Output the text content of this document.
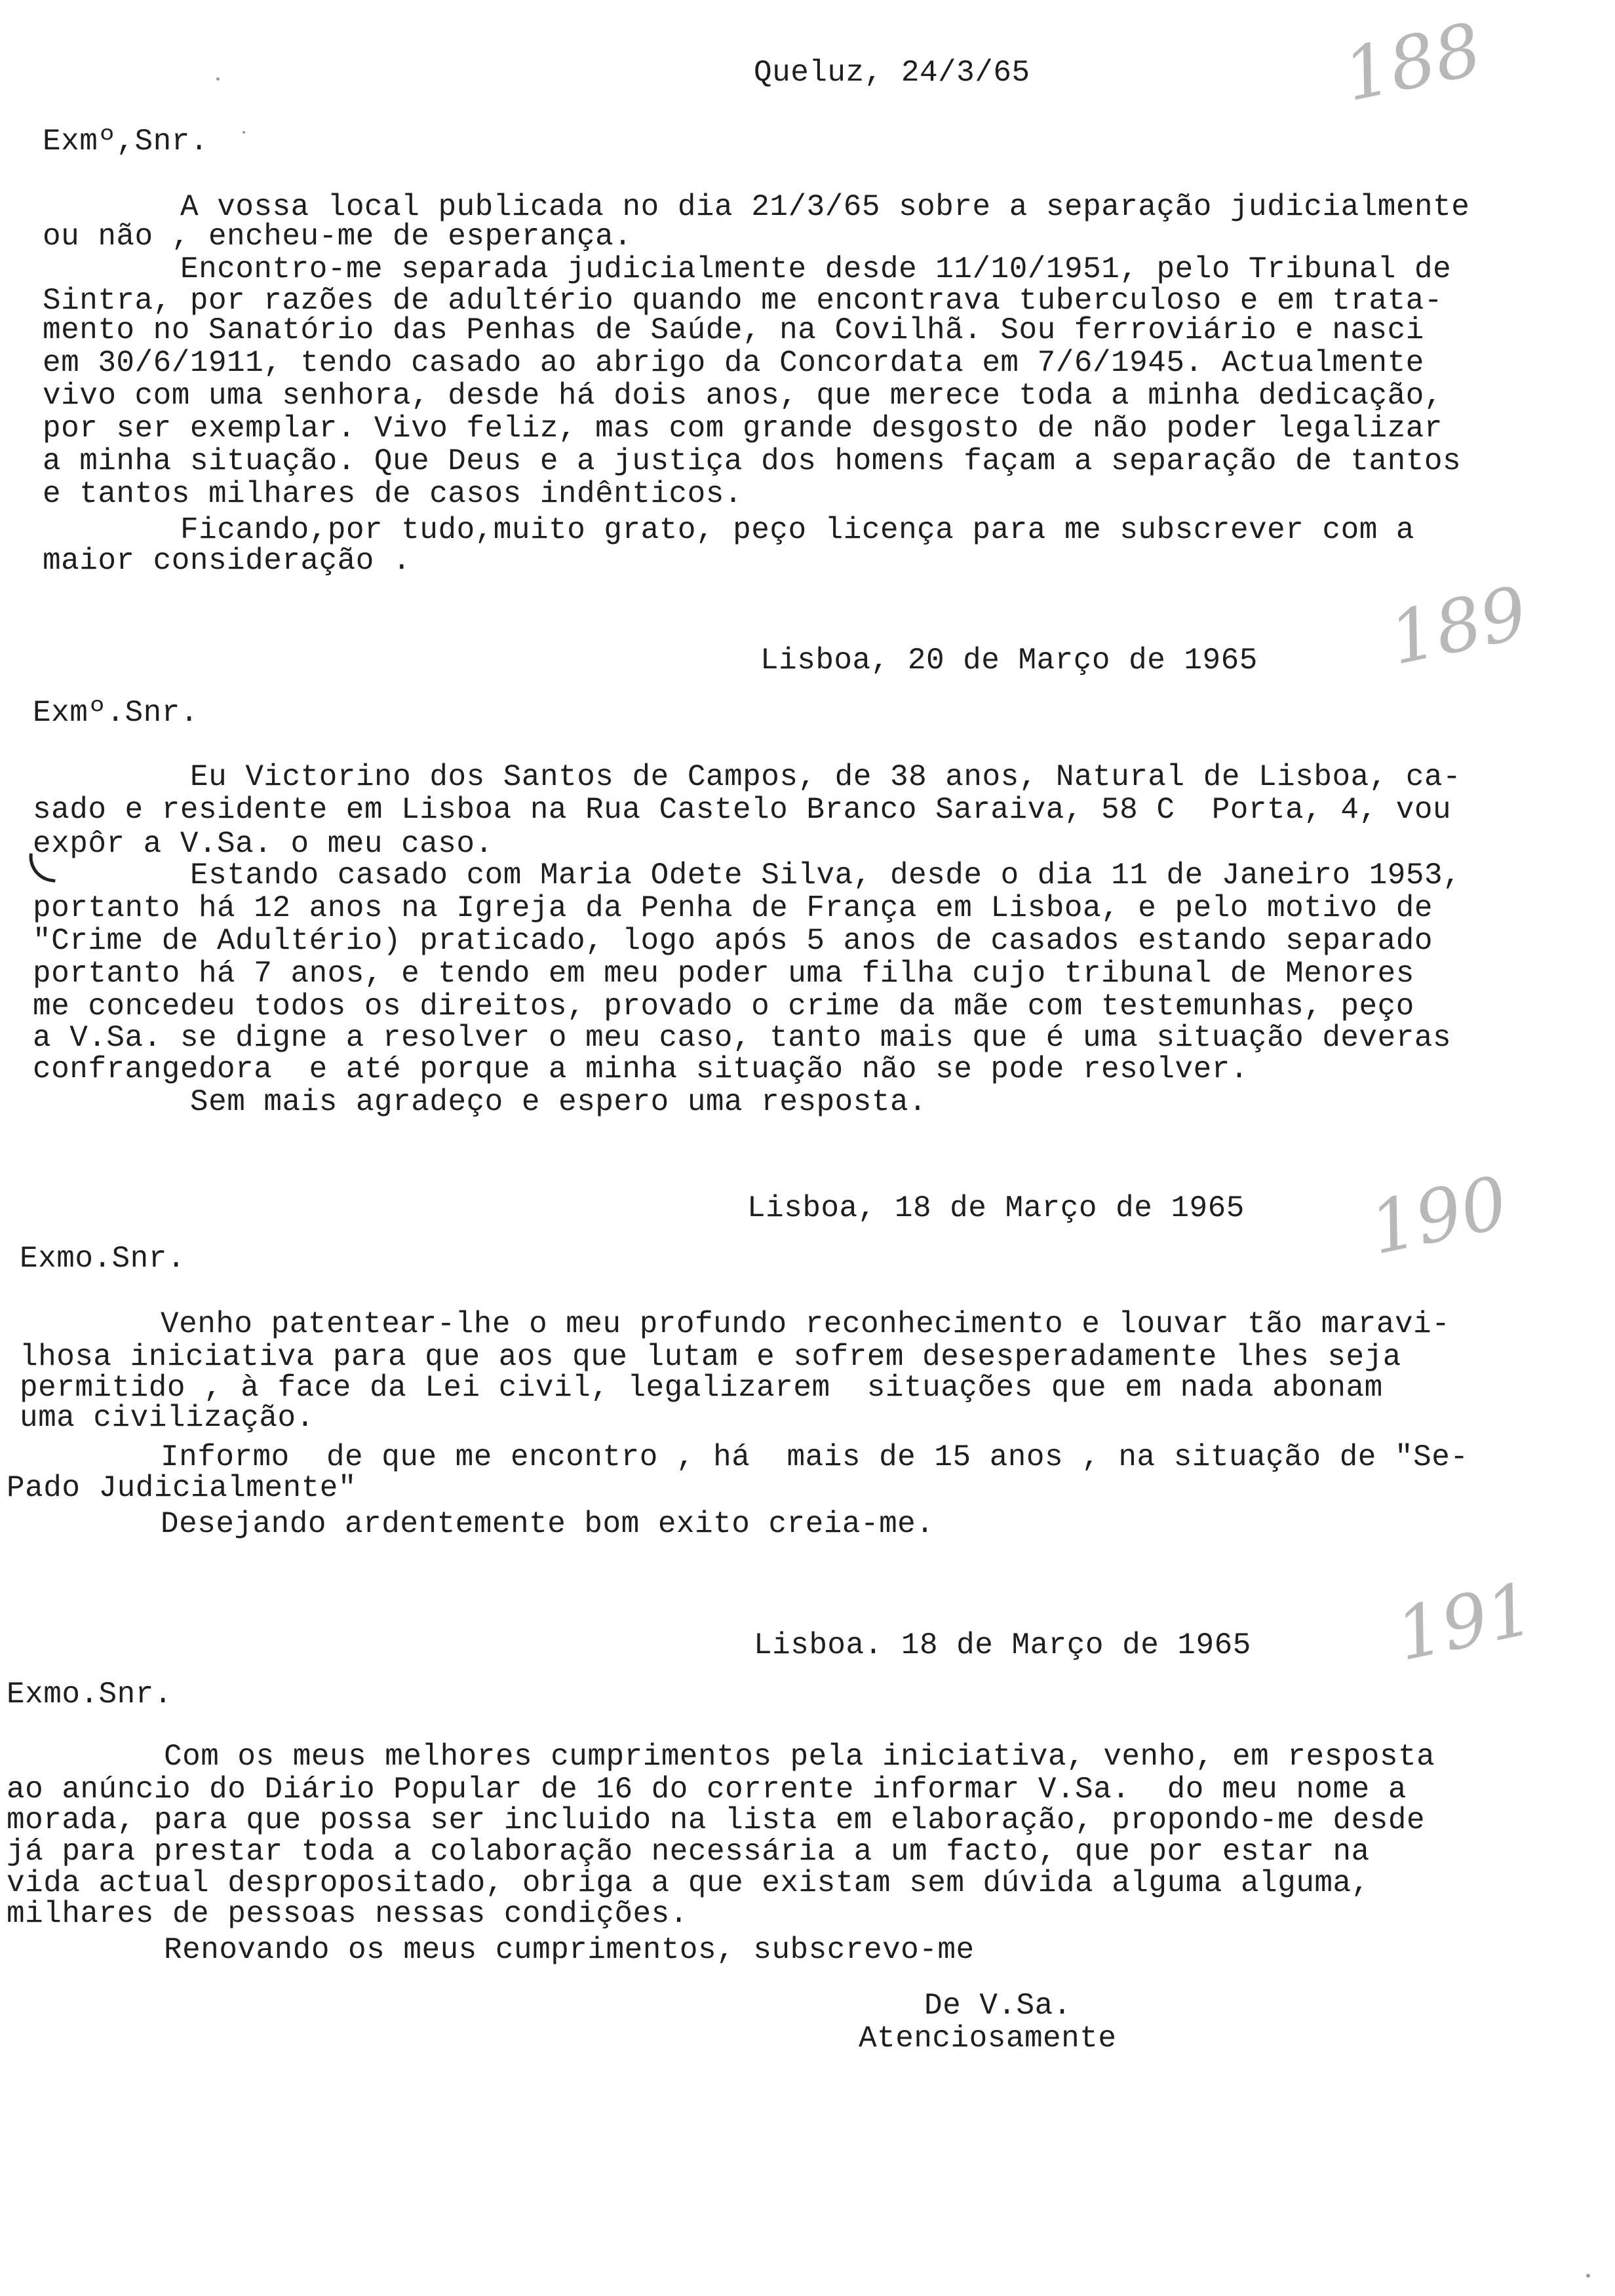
188
Queluz, 24/3/65
Exmº,Snr.
A vossa local publicada no dia 21/3/65 sobre a separação judicialmente
ou não , encheu-me de esperança.
Encontro-me separada judicialmente desde 11/10/1951, pelo Tribunal de
Sintra, por razões de adultério quando me encontrava tuberculoso e em trata-
mento no Sanatório das Penhas de Saúde, na Covilhã. Sou ferroviário e nasci
em 30/6/1911, tendo casado ao abrigo da Concordata em 7/6/1945. Actualmente
vivo com uma senhora, desde há dois anos, que merece toda a minha dedicação,
por ser exemplar. Vivo feliz, mas com grande desgosto de não poder legalizar
a minha situação. Que Deus e a justiça dos homens façam a separação de tantos
e tantos milhares de casos indênticos.
Ficando,por tudo,muito grato, peço licença para me subscrever com a
maior consideração .
189
Lisboa, 20 de Março de 1965
Exmº.Snr.
Eu Victorino dos Santos de Campos, de 38 anos, Natural de Lisboa, ca-
sado e residente em Lisboa na Rua Castelo Branco Saraiva, 58 C  Porta, 4, vou
expôr a V.Sa. o meu caso.
Estando casado com Maria Odete Silva, desde o dia 11 de Janeiro 1953,
portanto há 12 anos na Igreja da Penha de França em Lisboa, e pelo motivo de
"Crime de Adultério) praticado, logo após 5 anos de casados estando separado
portanto há 7 anos, e tendo em meu poder uma filha cujo tribunal de Menores
me concedeu todos os direitos, provado o crime da mãe com testemunhas, peço
a V.Sa. se digne a resolver o meu caso, tanto mais que é uma situação deveras
confrangedora  e até porque a minha situação não se pode resolver.
Sem mais agradeço e espero uma resposta.
190
Lisboa, 18 de Março de 1965
Exmo.Snr.
Venho patentear-lhe o meu profundo reconhecimento e louvar tão maravi-
lhosa iniciativa para que aos que lutam e sofrem desesperadamente lhes seja
permitido , à face da Lei civil, legalizarem  situações que em nada abonam
uma civilização.
Informo  de que me encontro , há  mais de 15 anos , na situação de "Se-
Pado Judicialmente"
Desejando ardentemente bom exito creia-me.
191
Lisboa. 18 de Março de 1965
Exmo.Snr.
Com os meus melhores cumprimentos pela iniciativa, venho, em resposta
ao anúncio do Diário Popular de 16 do corrente informar V.Sa.  do meu nome a
morada, para que possa ser incluido na lista em elaboração, propondo-me desde
já para prestar toda a colaboração necessária a um facto, que por estar na
vida actual despropositado, obriga a que existam sem dúvida alguma alguma,
milhares de pessoas nessas condições.
Renovando os meus cumprimentos, subscrevo-me
De V.Sa.
Atenciosamente
